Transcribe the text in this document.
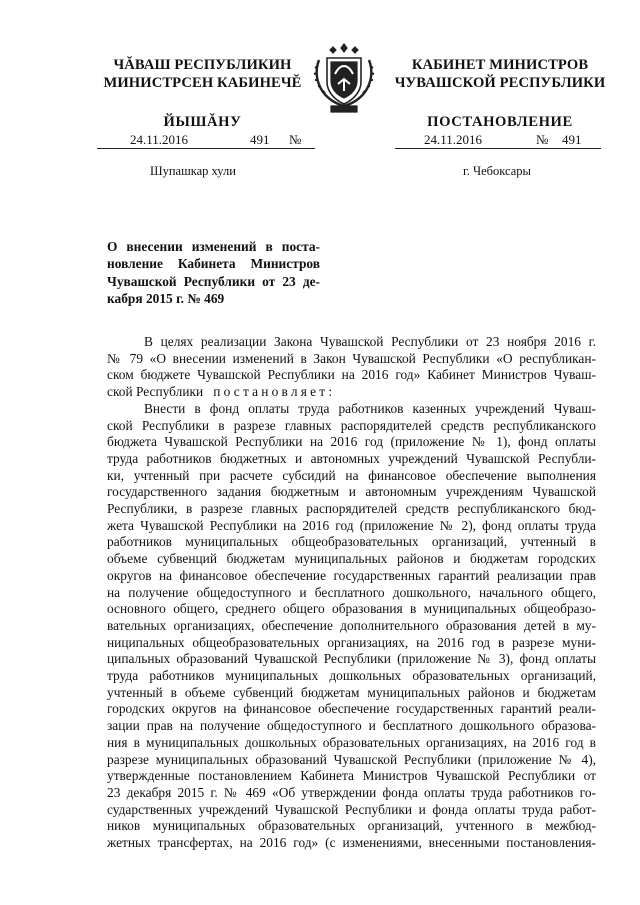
ЧĂВАШ РЕСПУБЛИКИН
МИНИСТРСЕН КАБИНЕЧĔ
ЙЫШĂНУ
КАБИНЕТ МИНИСТРОВ
ЧУВАШСКОЙ РЕСПУБЛИКИ
ПОСТАНОВЛЕНИЕ
24.11.2016	491 №	24.11.2016	№ 491
Шупашкар хули	г. Чебоксары
О внесении изменений в поста-
новление Кабинета Министров
Чувашской Республики от 23 де-
кабря 2015 г. № 469

В целях реализации Закона Чувашской Республики от 23 ноября 2016 г.
№ 79 «О внесении изменений в Закон Чувашской Республики «О республикан-
ском бюджете Чувашской Республики на 2016 год» Кабинет Министров Чуваш-
ской Республики постановляет:

Внести в фонд оплаты труда работников казенных учреждений Чуваш-
ской Республики в разрезе главных распорядителей средств республиканского
бюджета Чувашской Республики на 2016 год (приложение № 1), фонд оплаты
труда работников бюджетных и автономных учреждений Чувашской Республи-
ки, учтенный при расчете субсидий на финансовое обеспечение выполнения
государственного задания бюджетным и автономным учреждениям Чувашской
Республики, в разрезе главных распорядителей средств республиканского бюд-
жета Чувашской Республики на 2016 год (приложение № 2), фонд оплаты труда
работников муниципальных общеобразовательных организаций, учтенный в
объеме субвенций бюджетам муниципальных районов и бюджетам городских
округов на финансовое обеспечение государственных гарантий реализации прав
на получение общедоступного и бесплатного дошкольного, начального общего,
основного общего, среднего общего образования в муниципальных общеобразо-
вательных организациях, обеспечение дополнительного образования детей в му-
ниципальных общеобразовательных организациях, на 2016 год в разрезе муни-
ципальных образований Чувашской Республики (приложение № 3), фонд оплаты
труда работников муниципальных дошкольных образовательных организаций,
учтенный в объеме субвенций бюджетам муниципальных районов и бюджетам
городских округов на финансовое обеспечение государственных гарантий реали-
зации прав на получение общедоступного и бесплатного дошкольного образова-
ния в муниципальных дошкольных образовательных организациях, на 2016 год в
разрезе муниципальных образований Чувашской Республики (приложение № 4),
утвержденные постановлением Кабинета Министров Чувашской Республики от
23 декабря 2015 г. № 469 «Об утверждении фонда оплаты труда работников го-
сударственных учреждений Чувашской Республики и фонда оплаты труда работ-
ников муниципальных образовательных организаций, учтенного в межбюд-
жетных трансфертах, на 2016 год» (с изменениями, внесенными постановления-
